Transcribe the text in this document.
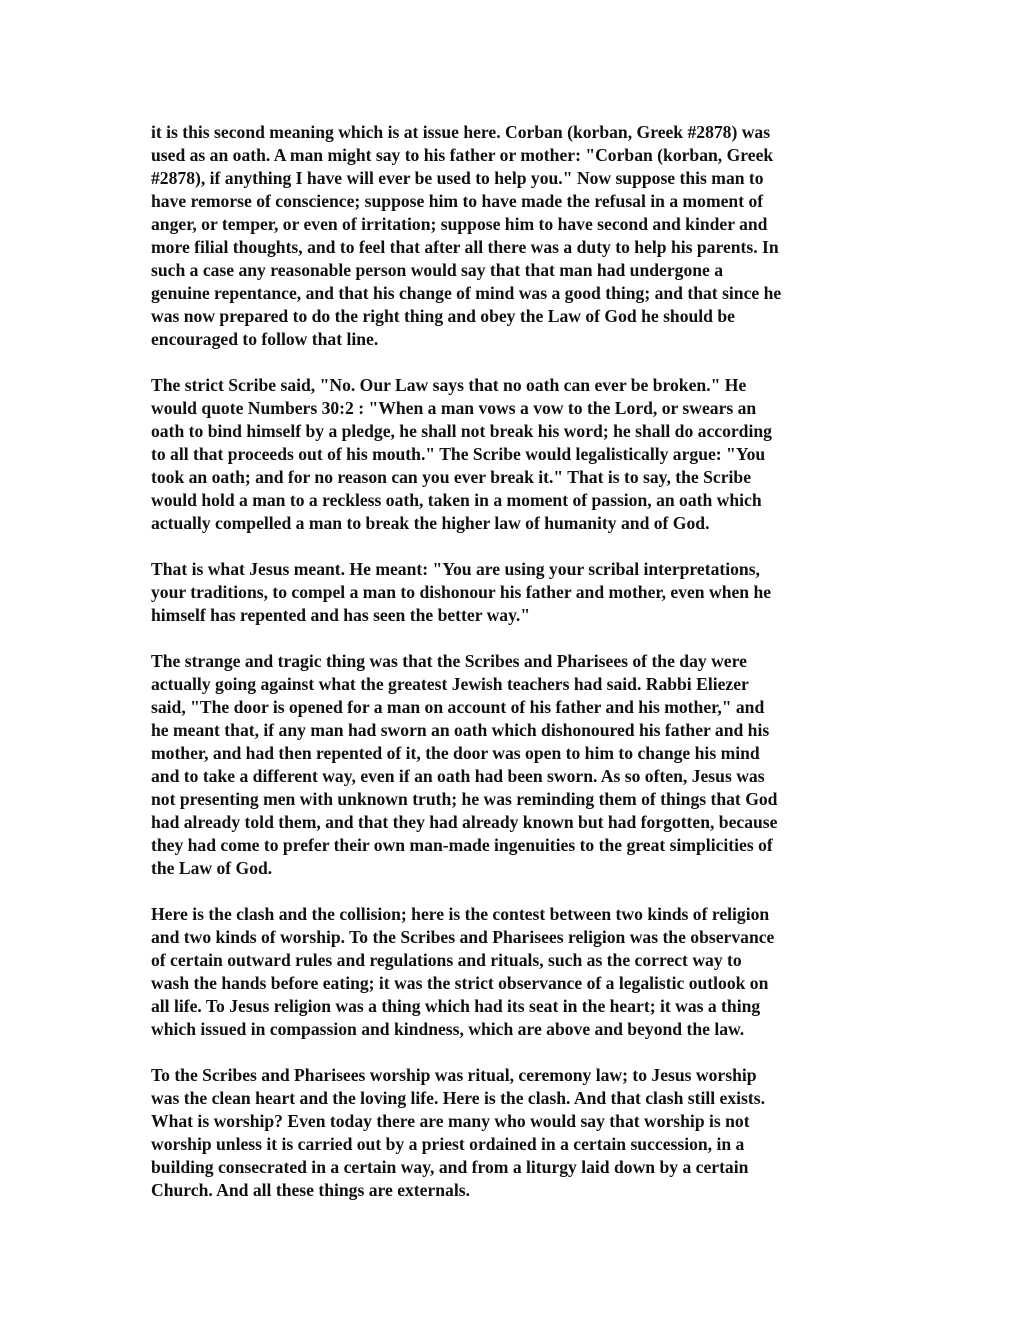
it is this second meaning which is at issue here. Corban (korban, Greek #2878) was
used as an oath. A man might say to his father or mother: "Corban (korban, Greek
#2878), if anything I have will ever be used to help you." Now suppose this man to
have remorse of conscience; suppose him to have made the refusal in a moment of
anger, or temper, or even of irritation; suppose him to have second and kinder and
more filial thoughts, and to feel that after all there was a duty to help his parents. In
such a case any reasonable person would say that that man had undergone a
genuine repentance, and that his change of mind was a good thing; and that since he
was now prepared to do the right thing and obey the Law of God he should be
encouraged to follow that line.

The strict Scribe said, "No. Our Law says that no oath can ever be broken." He
would quote Numbers 30:2 : "When a man vows a vow to the Lord, or swears an
oath to bind himself by a pledge, he shall not break his word; he shall do according
to all that proceeds out of his mouth." The Scribe would legalistically argue: "You
took an oath; and for no reason can you ever break it." That is to say, the Scribe
would hold a man to a reckless oath, taken in a moment of passion, an oath which
actually compelled a man to break the higher law of humanity and of God.

That is what Jesus meant. He meant: "You are using your scribal interpretations,
your traditions, to compel a man to dishonour his father and mother, even when he
himself has repented and has seen the better way."

The strange and tragic thing was that the Scribes and Pharisees of the day were
actually going against what the greatest Jewish teachers had said. Rabbi Eliezer
said, "The door is opened for a man on account of his father and his mother," and
he meant that, if any man had sworn an oath which dishonoured his father and his
mother, and had then repented of it, the door was open to him to change his mind
and to take a different way, even if an oath had been sworn. As so often, Jesus was
not presenting men with unknown truth; he was reminding them of things that God
had already told them, and that they had already known but had forgotten, because
they had come to prefer their own man-made ingenuities to the great simplicities of
the Law of God.

Here is the clash and the collision; here is the contest between two kinds of religion
and two kinds of worship. To the Scribes and Pharisees religion was the observance
of certain outward rules and regulations and rituals, such as the correct way to
wash the hands before eating; it was the strict observance of a legalistic outlook on
all life. To Jesus religion was a thing which had its seat in the heart; it was a thing
which issued in compassion and kindness, which are above and beyond the law.

To the Scribes and Pharisees worship was ritual, ceremony law; to Jesus worship
was the clean heart and the loving life. Here is the clash. And that clash still exists.
What is worship? Even today there are many who would say that worship is not
worship unless it is carried out by a priest ordained in a certain succession, in a
building consecrated in a certain way, and from a liturgy laid down by a certain
Church. And all these things are externals.
